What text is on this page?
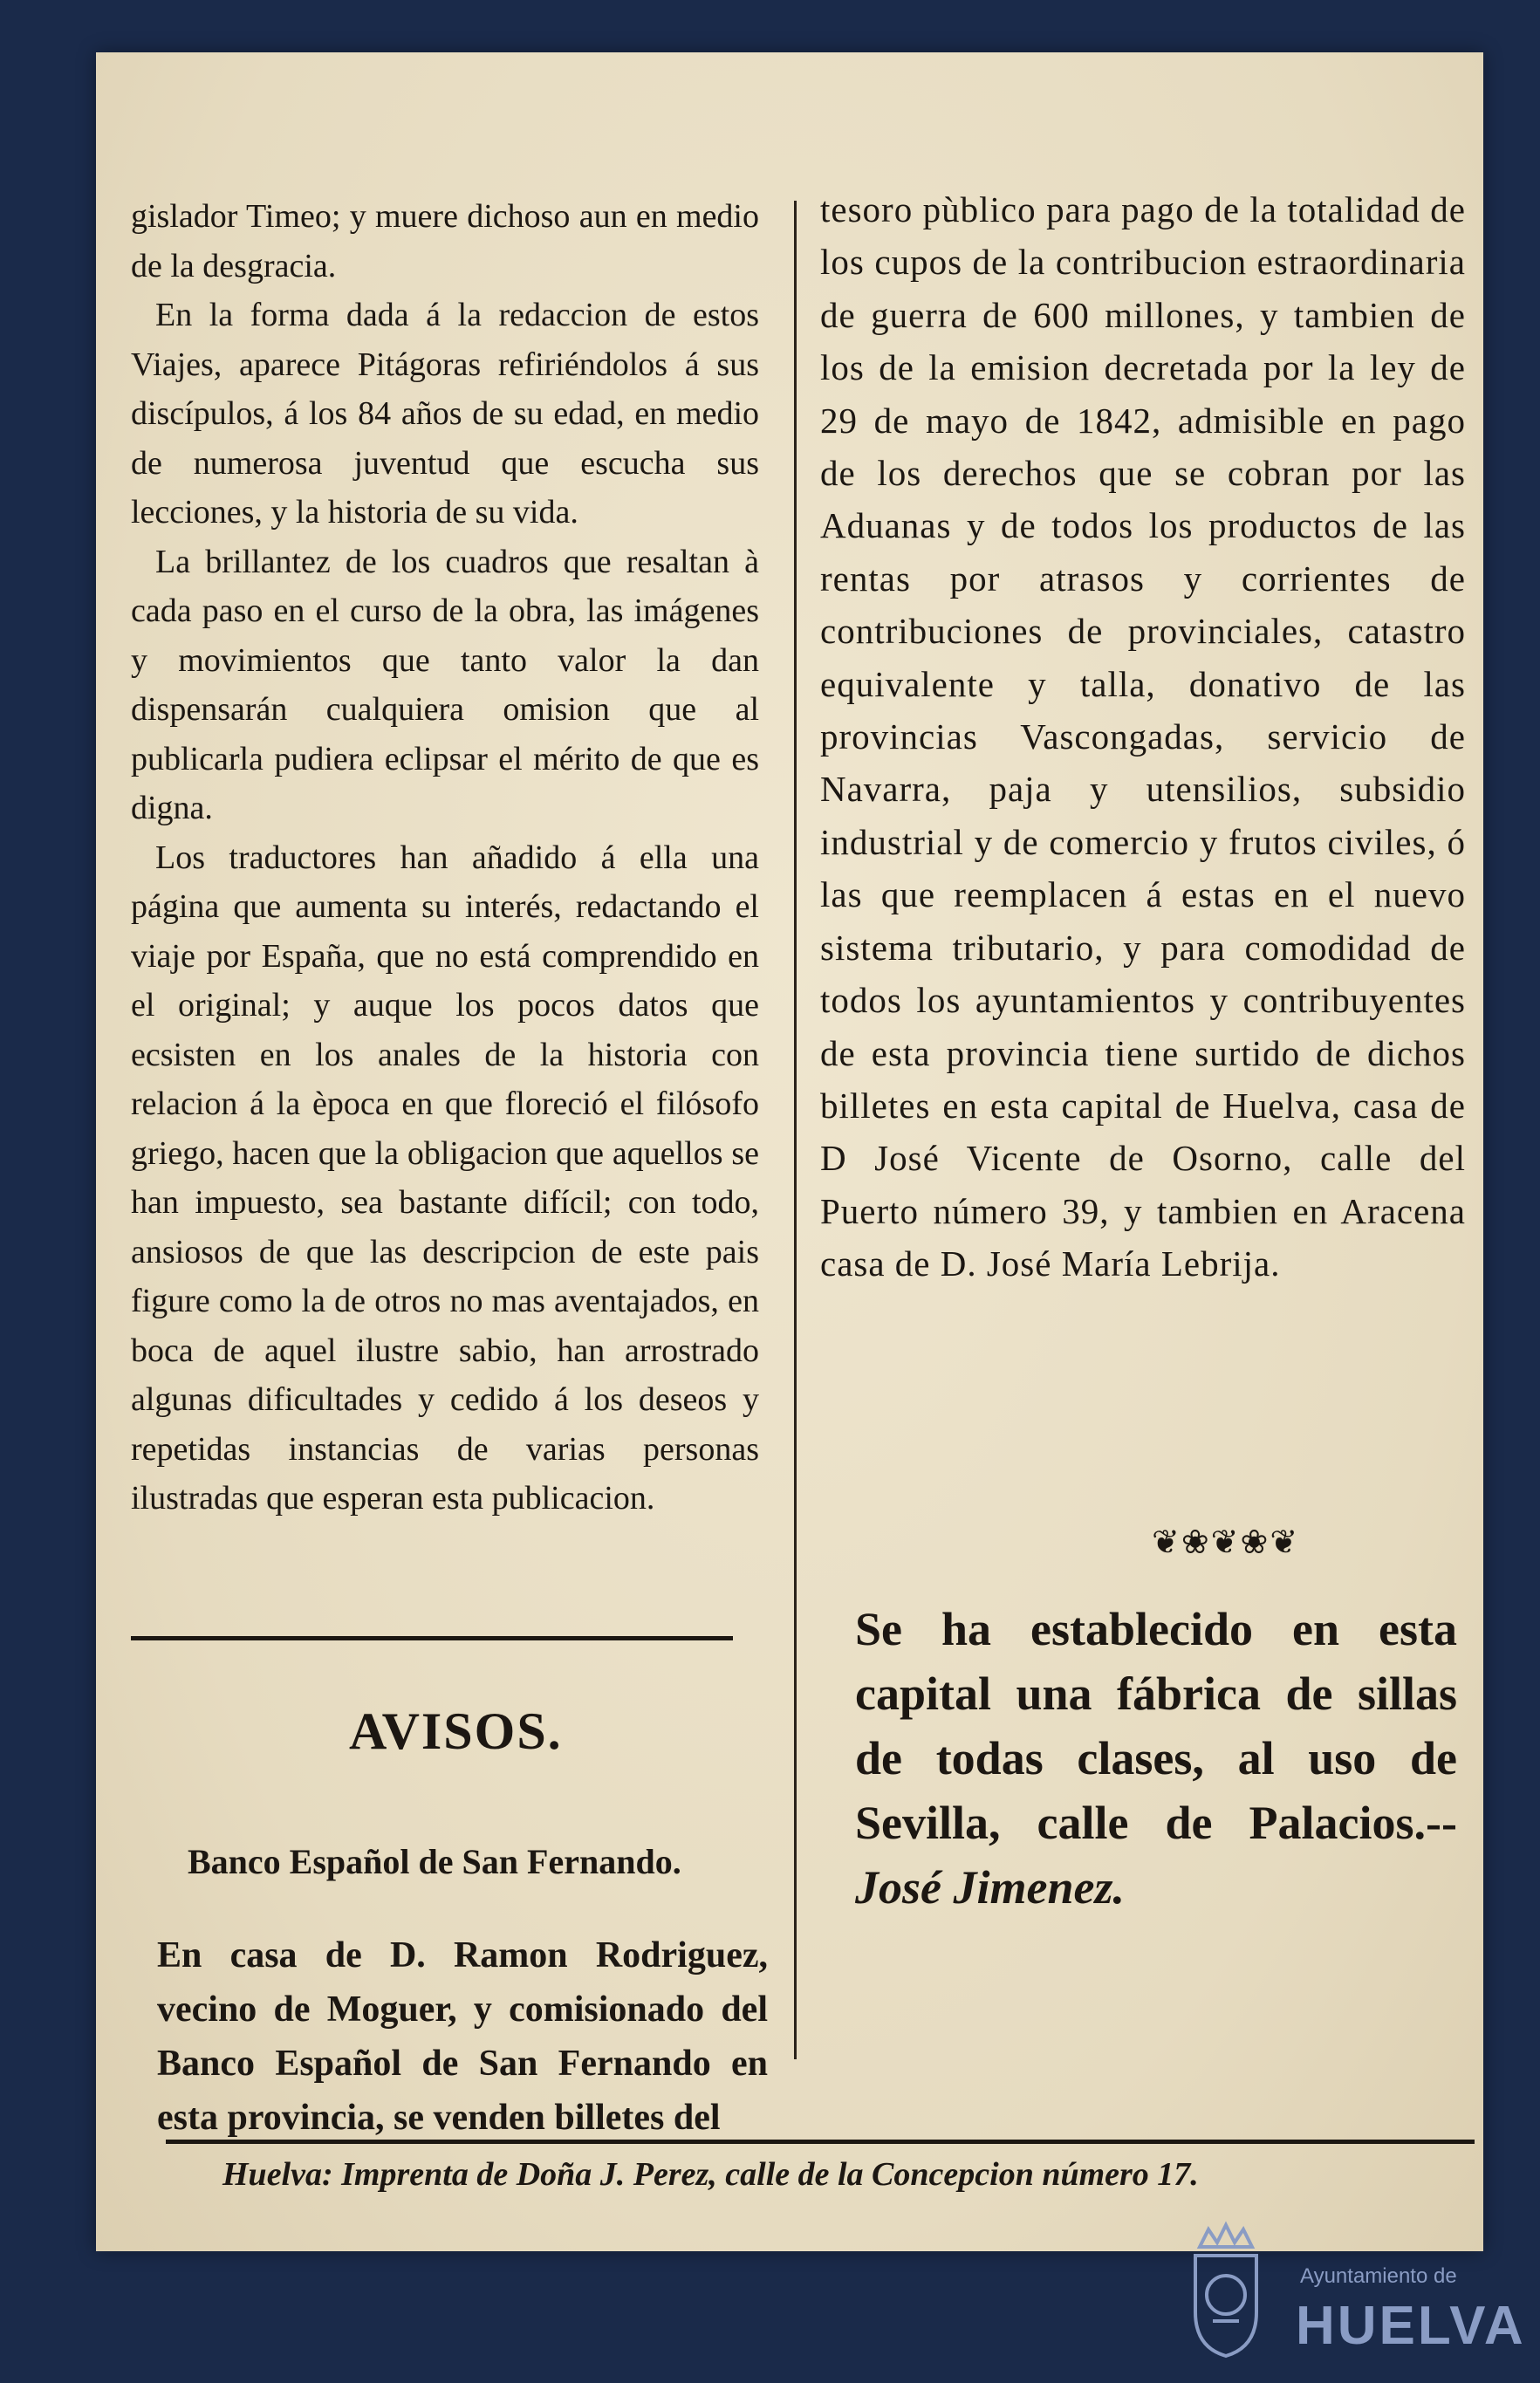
gislador Timeo; y muere dichoso aun en medio de la desgracia.

En la forma dada á la redaccion de estos Viajes, aparece Pitágoras refiriéndolos á sus discípulos, á los 84 años de su edad, en medio de numerosa juventud que escucha sus lecciones, y la historia de su vida.

La brillantez de los cuadros que resaltan à cada paso en el curso de la obra, las imágenes y movimientos que tanto valor la dan dispensarán cualquiera omision que al publicarla pudiera eclipsar el mérito de que es digna.

Los traductores han añadido á ella una página que aumenta su interés, redactando el viaje por España, que no está comprendido en el original; y auque los pocos datos que ecsisten en los anales de la historia con relacion á la època en que floreció el filósofo griego, hacen que la obligacion que aquellos se han impuesto, sea bastante difícil; con todo, ansiosos de que las descripcion de este pais figure como la de otros no mas aventajados, en boca de aquel ilustre sabio, han arrostrado algunas dificultades y cedido á los deseos y repetidas instancias de varias personas ilustradas que esperan esta publicacion.

AVISOS.
Banco Español de San Fernando.

En casa de D. Ramon Rodriguez, vecino de Moguer, y comisionado del Banco Español de San Fernando en esta provincia, se venden billetes del

tesoro pùblico para pago de la totalidad de los cupos de la contribucion estraordinaria de guerra de 600 millones, y tambien de los de la emision decretada por la ley de 29 de mayo de 1842, admisible en pago de los derechos que se cobran por las Aduanas y de todos los productos de las rentas por atrasos y corrientes de contribuciones de provinciales, catastro equivalente y talla, donativo de las provincias Vascongadas, servicio de Navarra, paja y utensilios, subsidio industrial y de comercio y frutos civiles, ó las que reemplacen á estas en el nuevo sistema tributario, y para comodidad de todos los ayuntamientos y contribuyentes de esta provincia tiene surtido de dichos billetes en esta capital de Huelva, casa de D José Vicente de Osorno, calle del Puerto número 39, y tambien en Aracena casa de D. José María Lebrija.

❦❀❦❀❦

Se ha establecido en esta capital una fábrica de sillas de todas clases, al uso de Sevilla, calle de Palacios.--José Jimenez.

Huelva: Imprenta de Doña J. Perez, calle de la Concepcion número 17.
Ayuntamiento de
HUELVA
